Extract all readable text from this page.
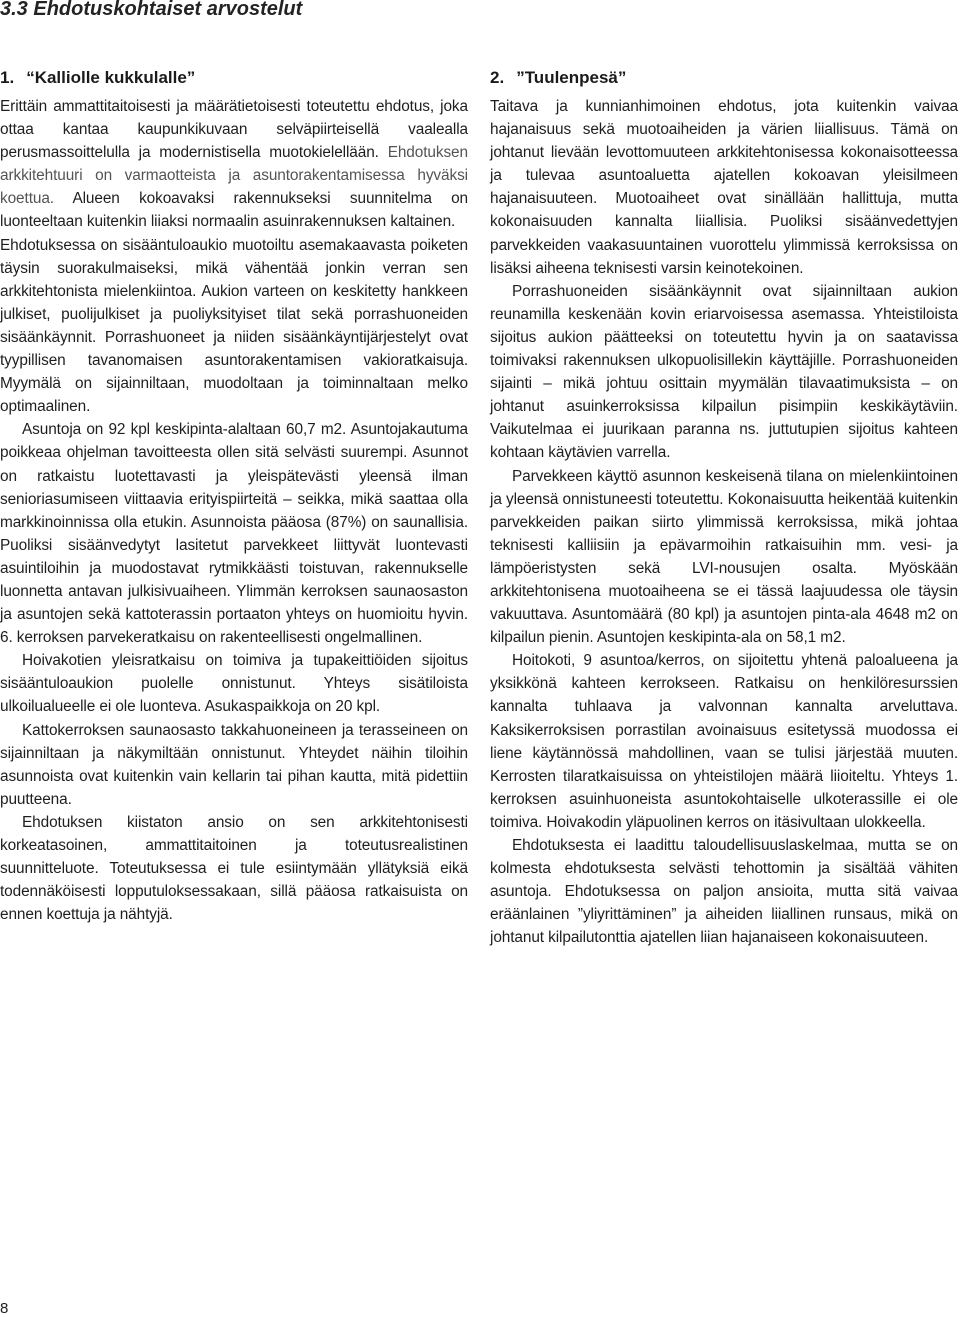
3.3 Ehdotuskohtaiset arvostelut
1. “Kalliolle kukkulalle”

Erittäin ammattitaitoisesti ja määrätietoisesti toteutettu ehdotus, joka ottaa kantaa kaupunkikuvaan selväpiirteisellä vaalealla perusmassoittelulla ja modernistisella muotokielellään. Ehdotuksen arkkitehtuuri on varmaotteista ja asuntorakentamisessa hyväksi koettua. Alueen kokoavaksi rakennukseksi suunnitelma on luonteeltaan kuitenkin liiaksi normaalin asuinrakennuksen kaltainen.

Ehdotuksessa on sisääntuloaukio muotoiltu asemakaavasta poiketen täysin suorakulmaiseksi, mikä vähentää jonkin verran sen arkkitehtonista mielenkiintoa. Aukion varteen on keskitetty hankkeen julkiset, puolijulkiset ja puoliyksityiset tilat sekä porrashuoneiden sisäänkäynnit. Porrashuoneet ja niiden sisäänkäyntijärjestelyt ovat tyypillisen tavanomaisen asuntorakentamisen vakioratkaisuja. Myymälä on sijainniltaan, muodoltaan ja toiminnaltaan melko optimaalinen.

Asuntoja on 92 kpl keskipinta-alaltaan 60,7 m2. Asuntojakautuma poikkeaa ohjelman tavoitteesta ollen sitä selvästi suurempi. Asunnot on ratkaistu luotettavasti ja yleispätevästi yleensä ilman senioriasumiseen viittaavia erityispiirteitä – seikka, mikä saattaa olla markkinoinnissa olla etukin. Asunnoista pääosa (87%) on saunallisia. Puoliksi sisäänvedytyt lasitetut parvekkeet liittyvät luontevasti asuintiloihin ja muodostavat rytmikkäästi toistuvan, rakennukselle luonnetta antavan julkisivuaiheen. Ylimmän kerroksen saunaosaston ja asuntojen sekä kattoterassin portaaton yhteys on huomioitu hyvin. 6. kerroksen parvekeratkaisu on rakenteellisesti ongelmallinen.

Hoivakotien yleisratkaisu on toimiva ja tupakeittiöiden sijoitus sisääntuloaukion puolelle onnistunut. Yhteys sisätiloista ulkoilualueelle ei ole luonteva. Asukaspaikkoja on 20 kpl.

Kattokerroksen saunaosasto takkahuoneineen ja terasseineen on sijainniltaan ja näkymiltään onnistunut. Yhteydet näihin tiloihin asunnoista ovat kuitenkin vain kellarin tai pihan kautta, mitä pidettiin puutteena.

Ehdotuksen kiistaton ansio on sen arkkitehtonisesti korkeatasoinen, ammattitaitoinen ja toteutusrealistinen suunnitteluote. Toteutuksessa ei tule esiintymään yllätyksiä eikä todennäköisesti lopputuloksessakaan, sillä pääosa ratkaisuista on ennen koettuja ja nähtyjä.

2. ”Tuulenpesä”

Taitava ja kunnianhimoinen ehdotus, jota kuitenkin vaivaa hajanaisuus sekä muotoaiheiden ja värien liiallisuus. Tämä on johtanut lievään levottomuuteen arkkitehtonisessa kokonaisotteessa ja tulevaa asuntoaluetta ajatellen kokoavan yleisilmeen hajanaisuuteen. Muotoaiheet ovat sinällään hallittuja, mutta kokonaisuuden kannalta liiallisia. Puoliksi sisäänvedettyjen parvekkeiden vaakasuuntainen vuorottelu ylimmissä kerroksissa on lisäksi aiheena teknisesti varsin keinotekoinen.

Porrashuoneiden sisäänkäynnit ovat sijainniltaan aukion reunamilla keskenään kovin eriarvoisessa asemassa. Yhteistiloista sijoitus aukion päätteeksi on toteutettu hyvin ja on saatavissa toimivaksi rakennuksen ulkopuolisillekin käyttäjille. Porrashuoneiden sijainti – mikä johtuu osittain myymälän tilavaatimuksista – on johtanut asuinkerroksissa kilpailun pisimpiin keskikäytäviin. Vaikutelmaa ei juurikaan paranna ns. juttutupien sijoitus kahteen kohtaan käytävien varrella.

Parvekkeen käyttö asunnon keskeisenä tilana on mielenkiintoinen ja yleensä onnistuneesti toteutettu. Kokonaisuutta heikentää kuitenkin parvekkeiden paikan siirto ylimmissä kerroksissa, mikä johtaa teknisesti kalliisiin ja epävarmoihin ratkaisuihin mm. vesi- ja lämpöeristysten sekä LVI-nousujen osalta. Myöskään arkkitehtonisena muotoaiheena se ei tässä laajuudessa ole täysin vakuuttava. Asuntomäärä (80 kpl) ja asuntojen pinta-ala 4648 m2 on kilpailun pienin. Asuntojen keskipinta-ala on 58,1 m2.

Hoitokoti, 9 asuntoa/kerros, on sijoitettu yhtenä paloalueena ja yksikkönä kahteen kerrokseen. Ratkaisu on henkilöresurssien kannalta tuhlaava ja valvonnan kannalta arveluttava. Kaksikerroksisen porrastilan avoinaisuus esitetyssä muodossa ei liene käytännössä mahdollinen, vaan se tulisi järjestää muuten. Kerrosten tilaratkaisuissa on yhteistilojen määrä liioiteltu. Yhteys 1. kerroksen asuinhuoneista asuntokohtaiselle ulkoterassille ei ole toimiva. Hoivakodin yläpuolinen kerros on itäsivultaan ulokkeella.

Ehdotuksesta ei laadittu taloudellisuuslaskelmaa, mutta se on kolmesta ehdotuksesta selvästi tehottomin ja sisältää vähiten asuntoja. Ehdotuksessa on paljon ansioita, mutta sitä vaivaa eräänlainen ”yliyrittäminen” ja aiheiden liiallinen runsaus, mikä on johtanut kilpailutonttia ajatellen liian hajanaiseen kokonaisuuteen.

8
